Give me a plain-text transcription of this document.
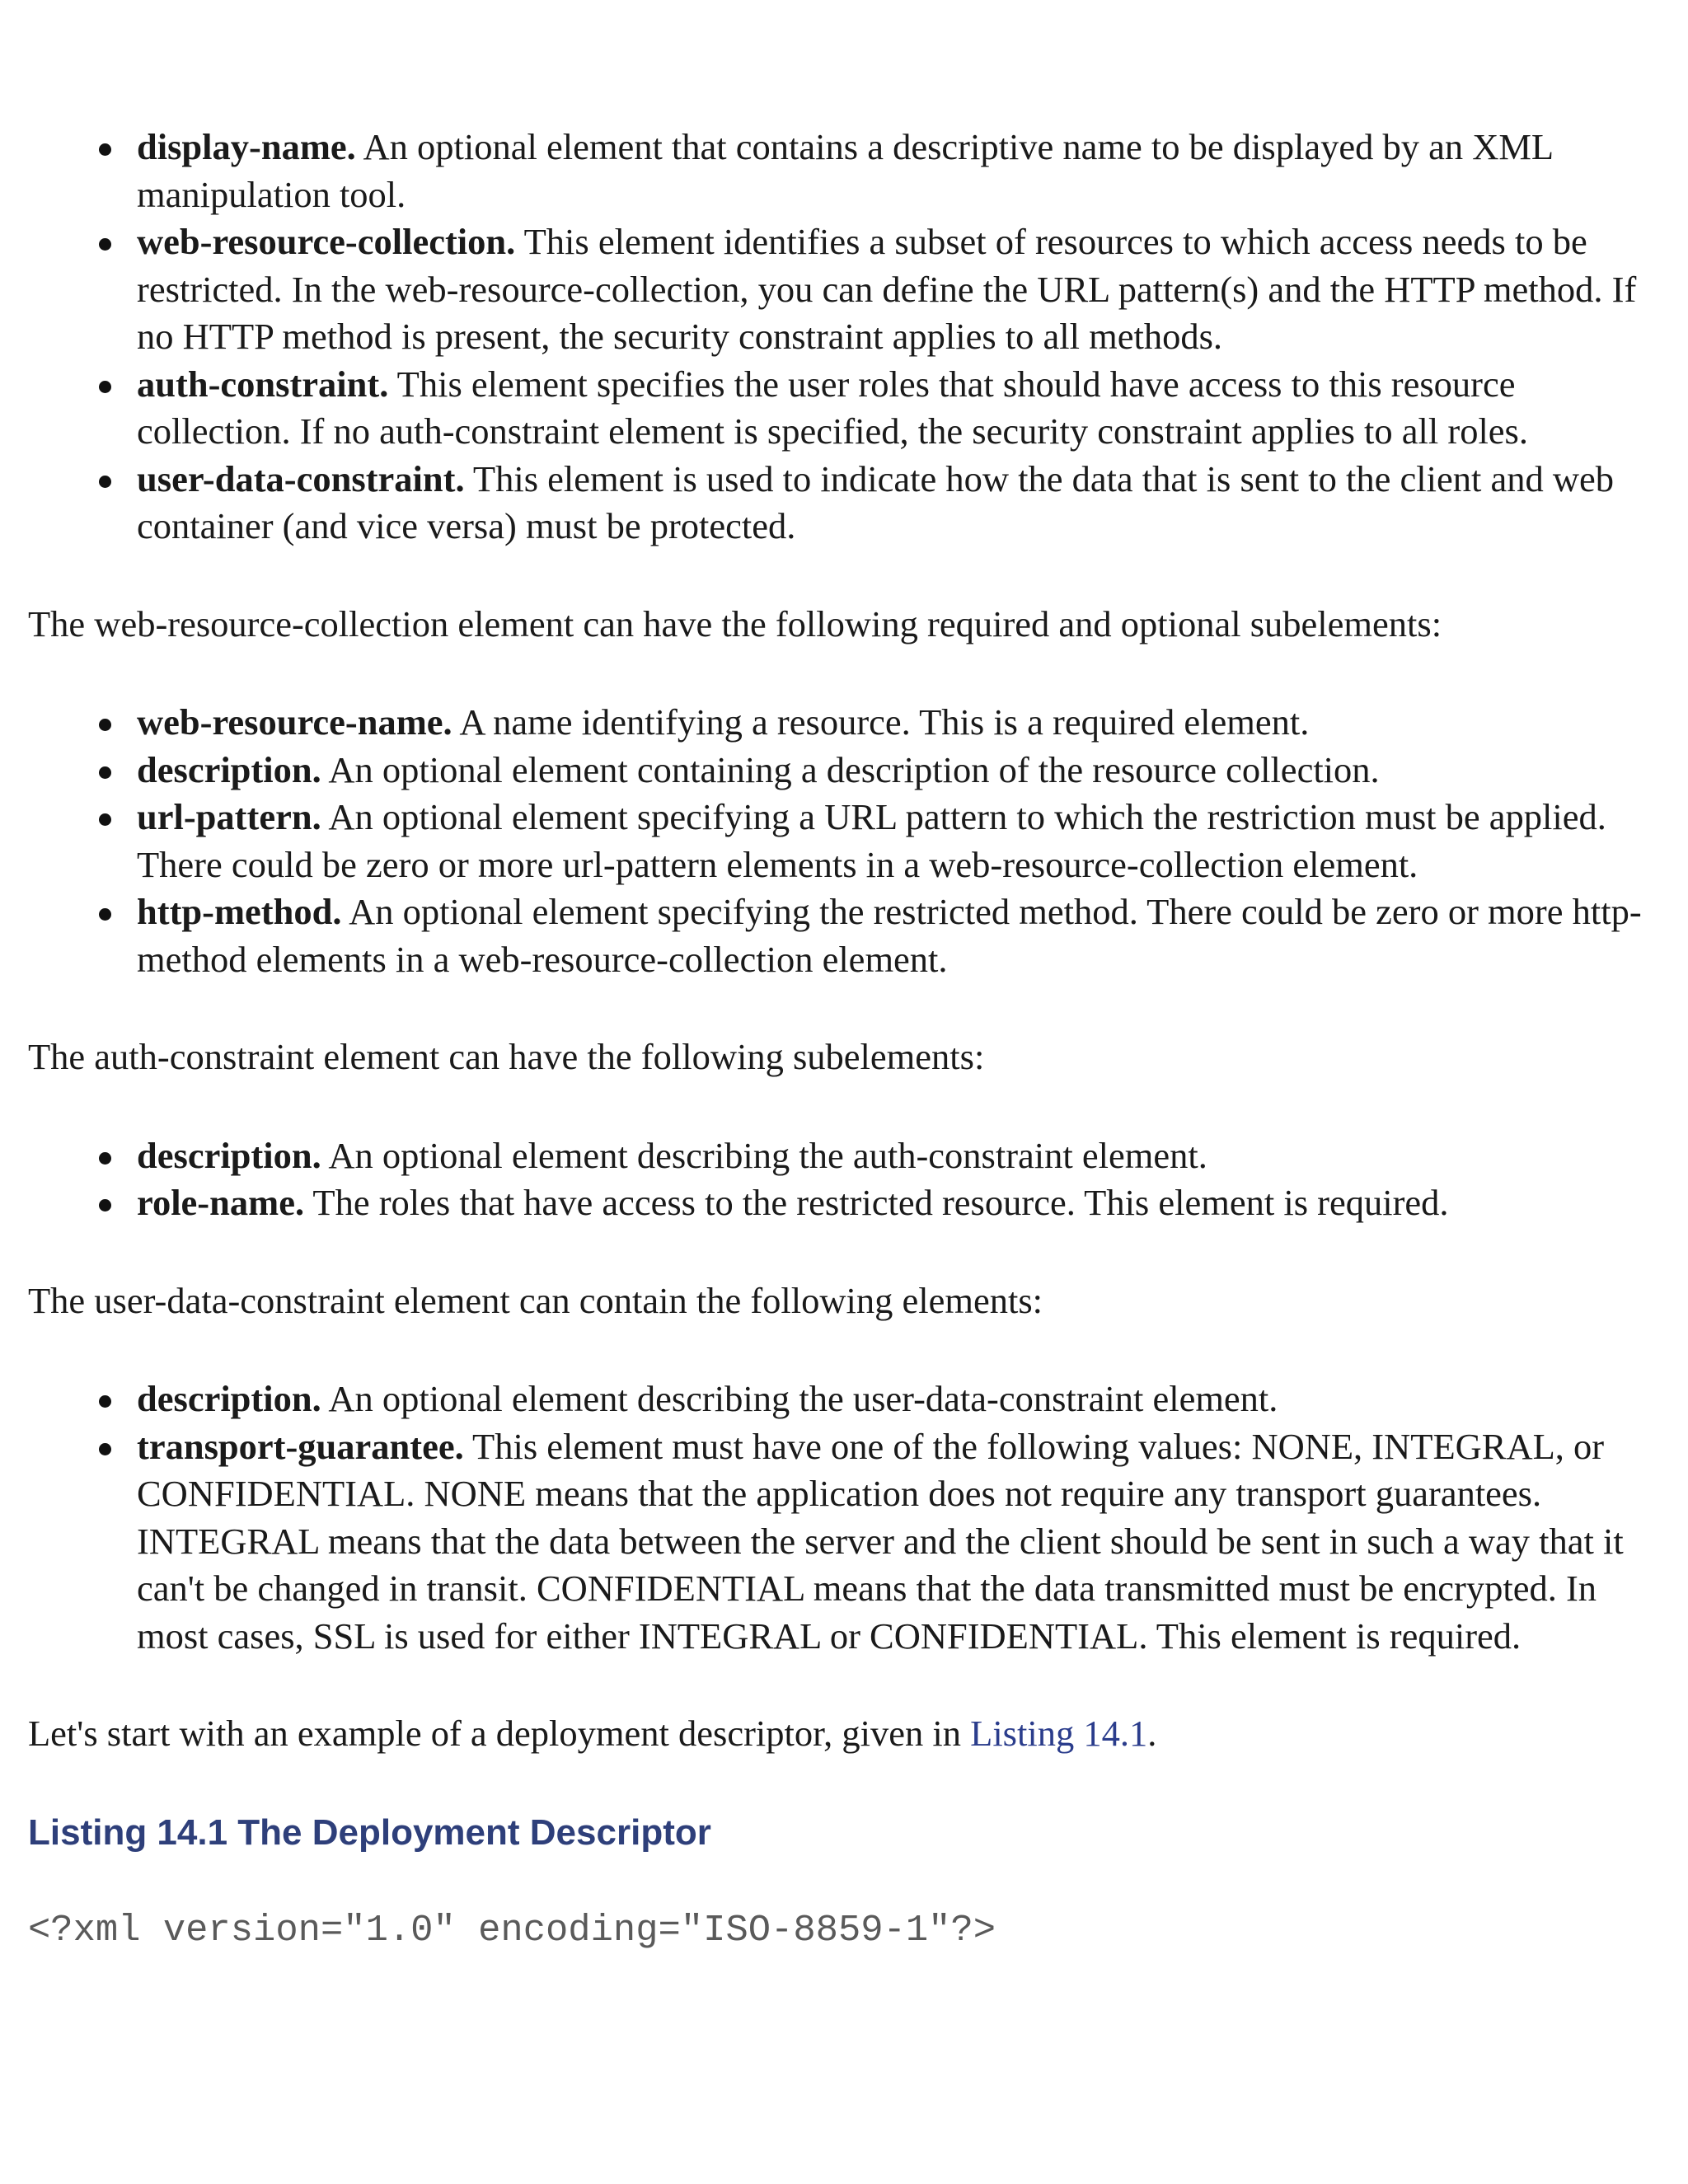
display-name. An optional element that contains a descriptive name to be displayed by an XML manipulation tool.
web-resource-collection. This element identifies a subset of resources to which access needs to be restricted. In the web-resource-collection, you can define the URL pattern(s) and the HTTP method. If no HTTP method is present, the security constraint applies to all methods.
auth-constraint. This element specifies the user roles that should have access to this resource collection. If no auth-constraint element is specified, the security constraint applies to all roles.
user-data-constraint. This element is used to indicate how the data that is sent to the client and web container (and vice versa) must be protected.

The web-resource-collection element can have the following required and optional subelements:

web-resource-name. A name identifying a resource. This is a required element.
description. An optional element containing a description of the resource collection.
url-pattern. An optional element specifying a URL pattern to which the restriction must be applied. There could be zero or more url-pattern elements in a web-resource-collection element.
http-method. An optional element specifying the restricted method. There could be zero or more http-method elements in a web-resource-collection element.

The auth-constraint element can have the following subelements:

description. An optional element describing the auth-constraint element.
role-name. The roles that have access to the restricted resource. This element is required.

The user-data-constraint element can contain the following elements:

description. An optional element describing the user-data-constraint element.
transport-guarantee. This element must have one of the following values: NONE, INTEGRAL, or CONFIDENTIAL. NONE means that the application does not require any transport guarantees. INTEGRAL means that the data between the server and the client should be sent in such a way that it can't be changed in transit. CONFIDENTIAL means that the data transmitted must be encrypted. In most cases, SSL is used for either INTEGRAL or CONFIDENTIAL. This element is required.

Let's start with an example of a deployment descriptor, given in Listing 14.1.

Listing 14.1 The Deployment Descriptor
<?xml version="1.0" encoding="ISO-8859-1"?>
